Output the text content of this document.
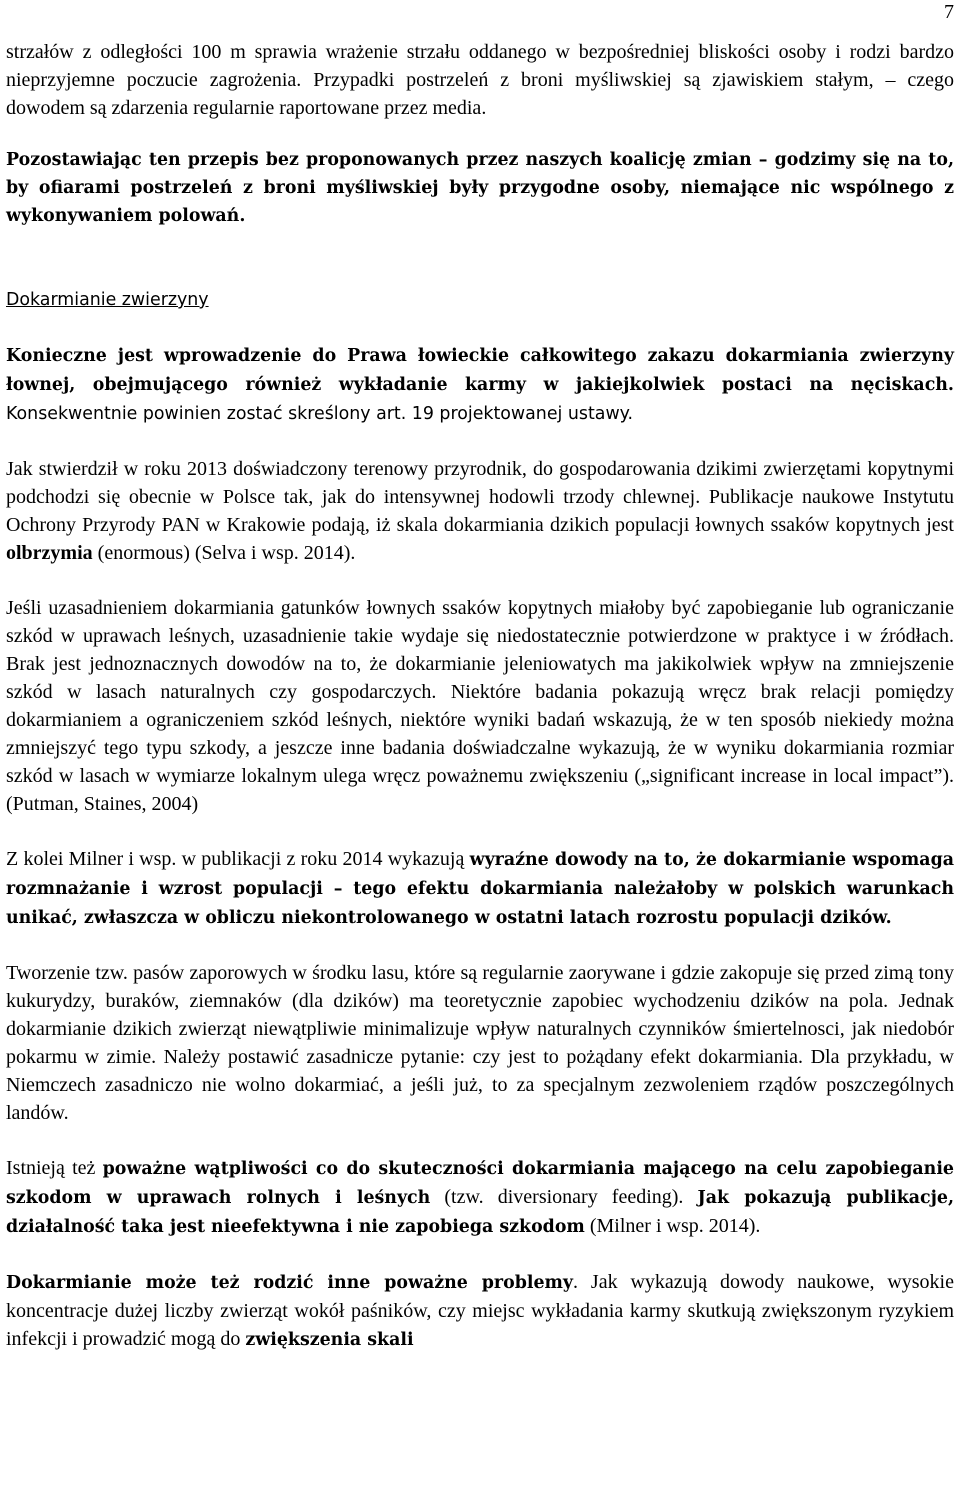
7

strzałów z odległości 100 m sprawia wrażenie strzału oddanego w bezpośredniej bliskości osoby i rodzi bardzo nieprzyjemne poczucie zagrożenia. Przypadki postrzeleń z broni myśliwskiej są zjawiskiem stałym, – czego dowodem są zdarzenia regularnie raportowane przez media.

Pozostawiając ten przepis bez proponowanych przez naszych koalicję zmian – godzimy się na to, by ofiarami postrzeleń z broni myśliwskiej były przygodne osoby, niemające nic wspólnego z wykonywaniem polowań.

Dokarmianie zwierzyny

Konieczne jest wprowadzenie do Prawa łowieckie całkowitego zakazu dokarmiania zwierzyny łownej, obejmującego również wykładanie karmy w jakiejkolwiek postaci na nęciskach. Konsekwentnie powinien zostać skreślony art. 19 projektowanej ustawy.

Jak stwierdził w roku 2013 doświadczony terenowy przyrodnik, do gospodarowania dzikimi zwierzętami kopytnymi podchodzi się obecnie w Polsce tak, jak do intensywnej hodowli trzody chlewnej. Publikacje naukowe Instytutu Ochrony Przyrody PAN w Krakowie podają, iż skala dokarmiania dzikich populacji łownych ssaków kopytnych jest olbrzymia (enormous) (Selva i wsp. 2014).

Jeśli uzasadnieniem dokarmiania gatunków łownych ssaków kopytnych miałoby być zapobieganie lub ograniczanie szkód w uprawach leśnych, uzasadnienie takie wydaje się niedostatecznie potwierdzone w praktyce i w źródłach. Brak jest jednoznacznych dowodów na to, że dokarmianie jeleniowatych ma jakikolwiek wpływ na zmniejszenie szkód w lasach naturalnych czy gospodarczych. Niektóre badania pokazują wręcz brak relacji pomiędzy dokarmianiem a ograniczeniem szkód leśnych, niektóre wyniki badań wskazują, że w ten sposób niekiedy można zmniejszyć tego typu szkody, a jeszcze inne badania doświadczalne wykazują, że w wyniku dokarmiania rozmiar szkód w lasach w wymiarze lokalnym ulega wręcz poważnemu zwiększeniu („significant increase in local impact”). (Putman, Staines, 2004)

Z kolei Milner i wsp. w publikacji z roku 2014 wykazują wyraźne dowody na to, że dokarmianie wspomaga rozmnażanie i wzrost populacji – tego efektu dokarmiania należałoby w polskich warunkach unikać, zwłaszcza w obliczu niekontrolowanego w ostatni latach rozrostu populacji dzików.

Tworzenie tzw. pasów zaporowych w środku lasu, które są regularnie zaorywane i gdzie zakopuje się przed zimą tony kukurydzy, buraków, ziemnaków (dla dzików) ma teoretycznie zapobiec wychodzeniu dzików na pola. Jednak dokarmianie dzikich zwierząt niewątpliwie minimalizuje wpływ naturalnych czynników śmiertelnosci, jak niedobór pokarmu w zimie. Należy postawić zasadnicze pytanie: czy jest to pożądany efekt dokarmiania. Dla przykładu, w Niemczech zasadniczo nie wolno dokarmiać, a jeśli już, to za specjalnym zezwoleniem rządów poszczególnych landów.

Istnieją też poważne wątpliwości co do skuteczności dokarmiania mającego na celu zapobieganie szkodom w uprawach rolnych i leśnych (tzw. diversionary feeding). Jak pokazują publikacje, działalność taka jest nieefektywna i nie zapobiega szkodom (Milner i wsp. 2014).

Dokarmianie może też rodzić inne poważne problemy. Jak wykazują dowody naukowe, wysokie koncentracje dużej liczby zwierząt wokół paśników, czy miejsc wykładania karmy skutkują zwiększonym ryzykiem infekcji i prowadzić mogą do zwiększenia skali
